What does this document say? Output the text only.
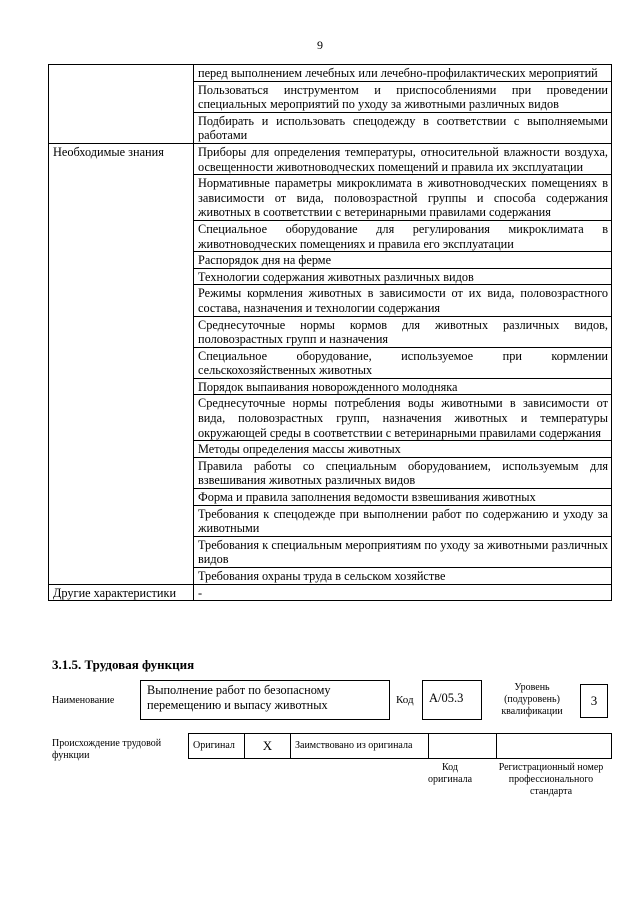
9
	перед выполнением лечебных или лечебно-профилактических мероприятий
	Пользоваться инструментом и приспособлениями при проведении специальных мероприятий по уходу за животными различных видов
	Подбирать и использовать спецодежду в соответствии с выполняемыми работами
Необходимые знания	Приборы для определения температуры, относительной влажности воздуха, освещенности животноводческих помещений и правила их эксплуатации
	Нормативные параметры микроклимата в животноводческих помещениях в зависимости от вида, половозрастной группы и способа содержания животных в соответствии с ветеринарными правилами содержания
	Специальное оборудование для регулирования микроклимата в животноводческих помещениях и правила его эксплуатации
	Распорядок дня на ферме
	Технологии содержания животных различных видов
	Режимы кормления животных в зависимости от их вида, половозрастного состава, назначения и технологии содержания
	Среднесуточные нормы кормов для животных различных видов, половозрастных групп и назначения
	Специальное оборудование, используемое при кормлении сельскохозяйственных животных
	Порядок выпаивания новорожденного молодняка
	Среднесуточные нормы потребления воды животными в зависимости от вида, половозрастных групп, назначения животных и температуры окружающей среды в соответствии с ветеринарными правилами содержания
	Методы определения массы животных
	Правила работы со специальным оборудованием, используемым для взвешивания животных различных видов
	Форма и правила заполнения ведомости взвешивания животных
	Требования к спецодежде при выполнении работ по содержанию и уходу за животными
	Требования к специальным мероприятиям по уходу за животными различных видов
	Требования охраны труда в сельском хозяйстве
Другие характеристики	-
3.1.5. Трудовая функция
Наименование
Выполнение работ по безопасному перемещению и выпасу животных	Код	A/05.3
Уровень (подуровень) квалификации
3
Происхождение трудовой функции
Оригинал	X	Заимствовано из оригинала		
Код оригинала
Регистрационный номер профессионального стандарта
